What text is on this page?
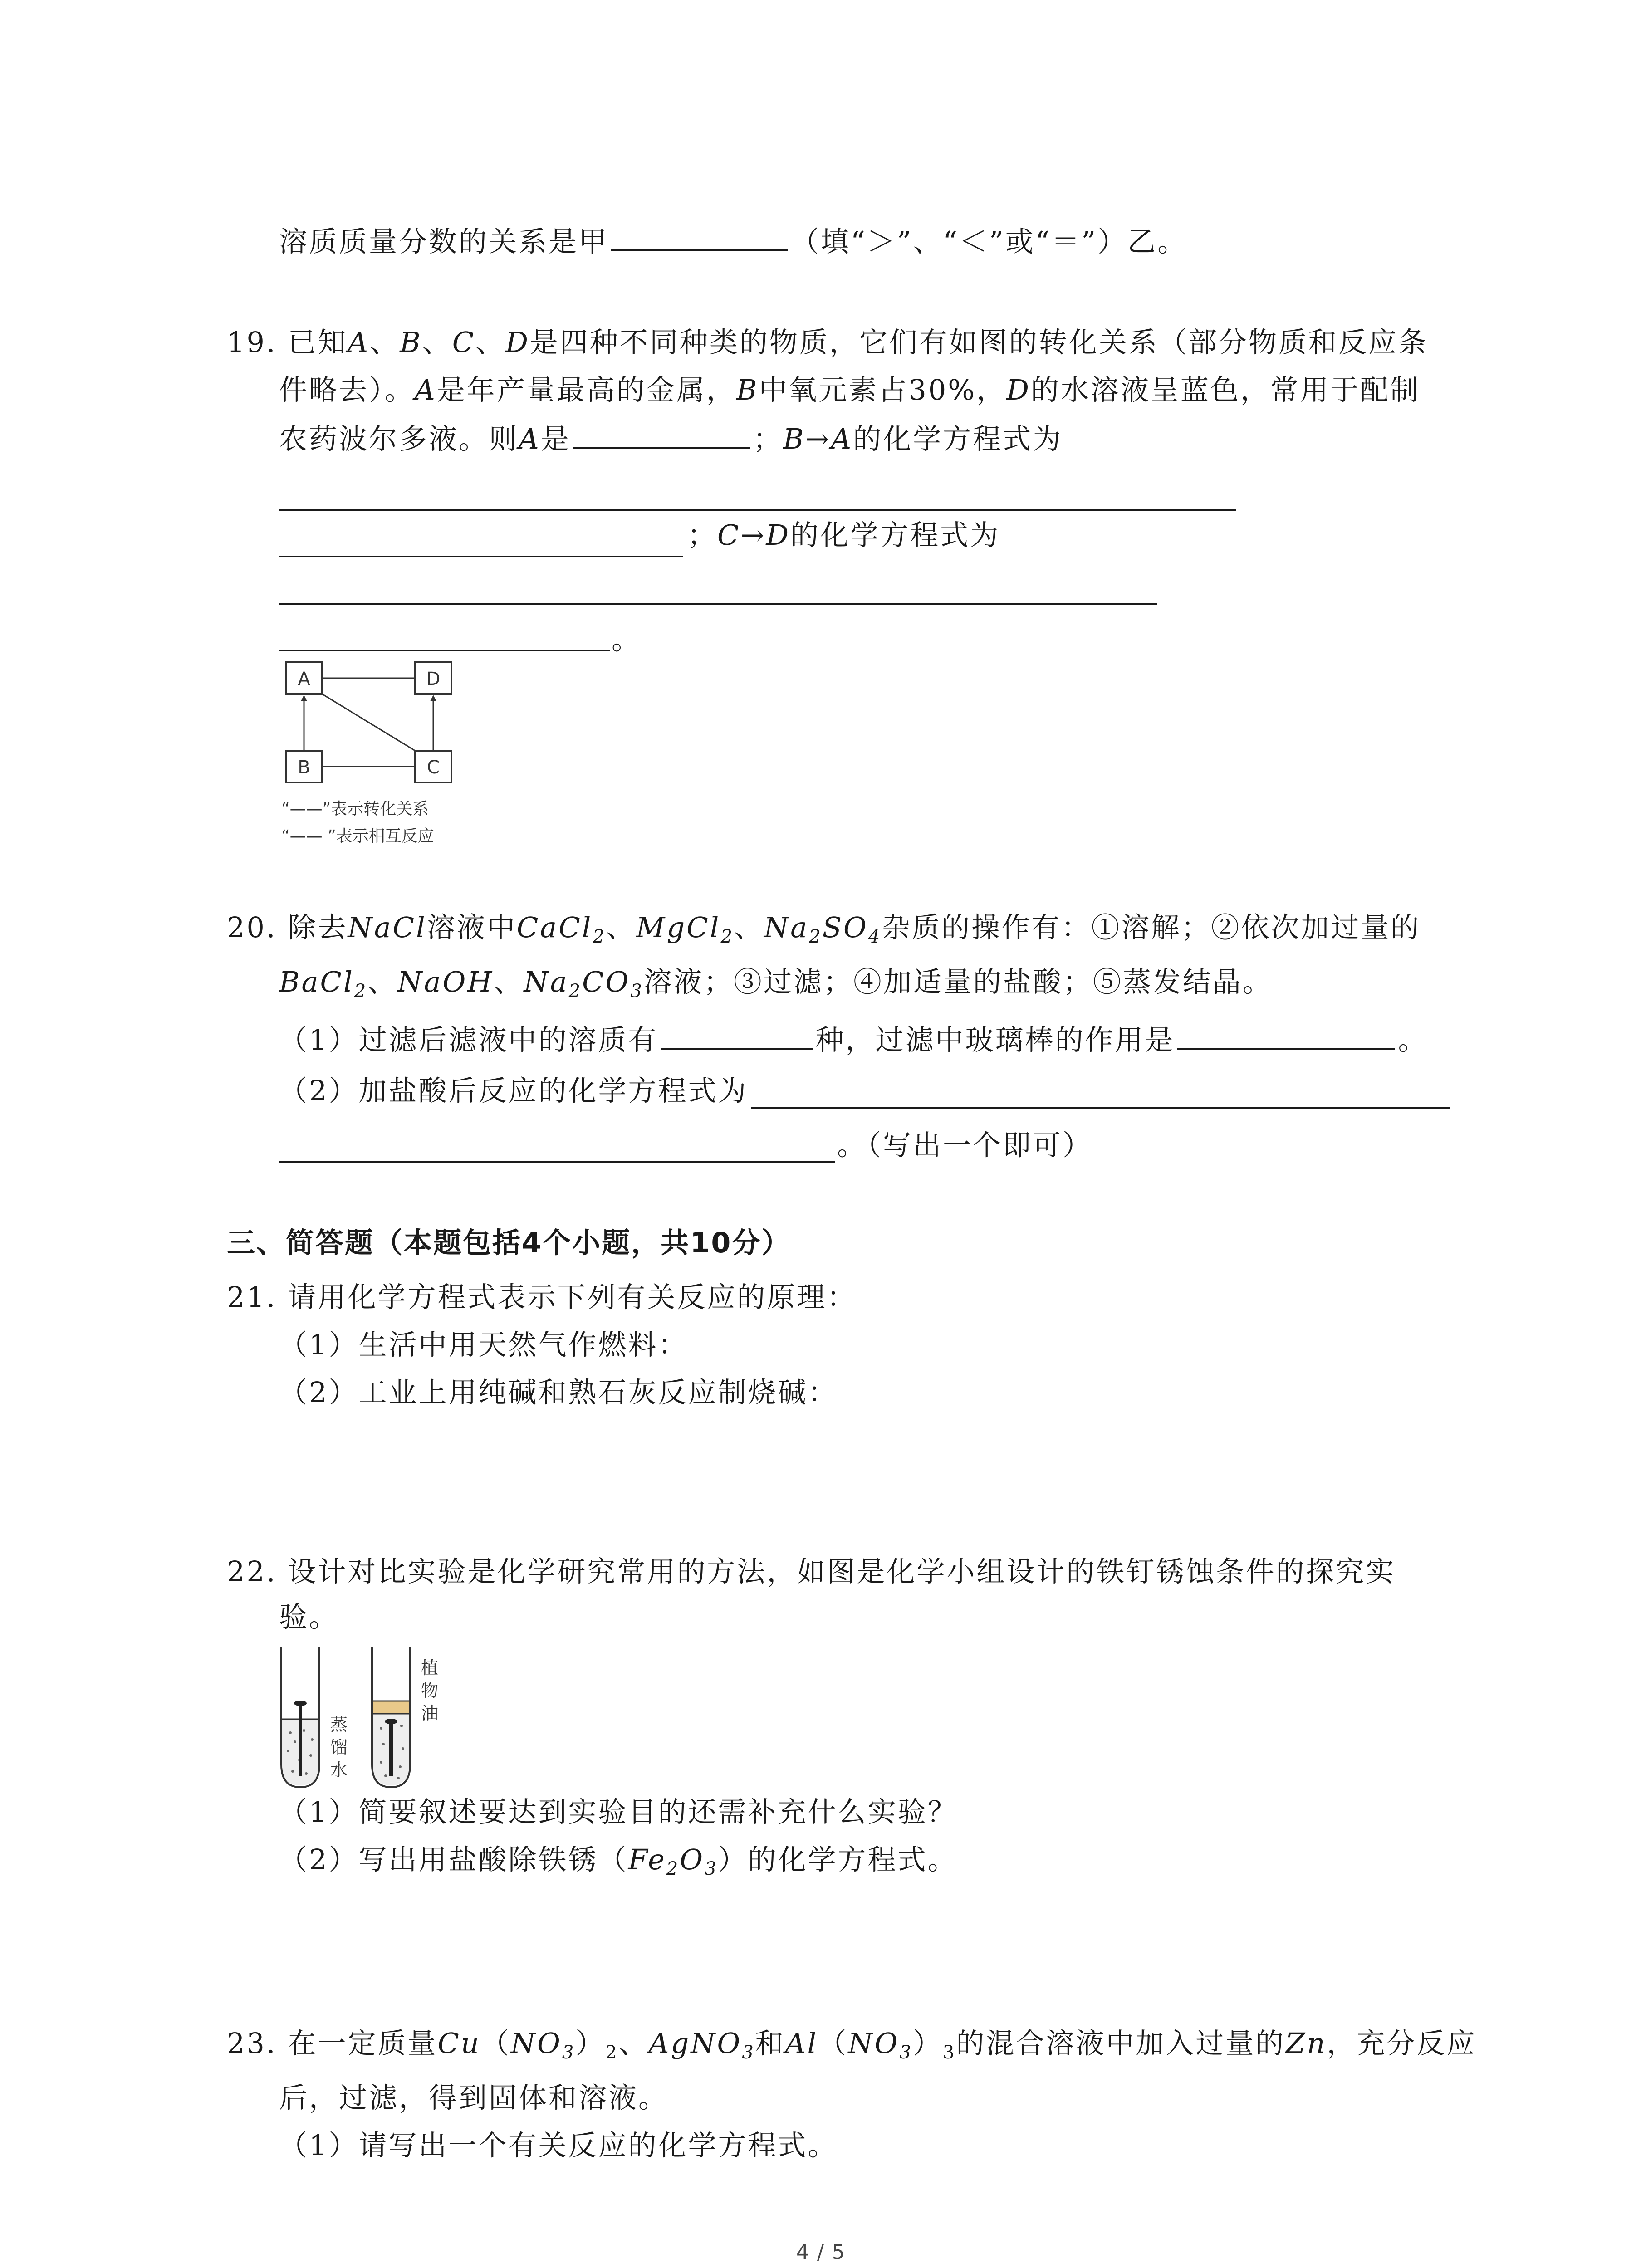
溶质质量分数的关系是甲	（填“＞”、“＜”或“＝”）乙。
19. 已知A、B、C、D是四种不同种类的物质，它们有如图的转化关系（部分物质和反应条
件略去）。A是年产量最高的金属，B中氧元素占30%，D的水溶液呈蓝色，常用于配制
农药波尔多液。则A是	；B→A的化学方程式为
；C→D的化学方程式为
。
A	D
B	C
“——”表示转化关系
“—— ”表示相互反应
20. 除去NaCl溶液中CaCl$_2$、MgCl$_2$、$Na_2SO_4$杂质的操作有：①溶解；②依次加过量的
BaCl$_2$、NaOH、$Na_2CO_3$溶液；③过滤；④加适量的盐酸；⑤蒸发结晶。
（1）过滤后滤液中的溶质有	种，过滤中玻璃棒的作用是	。
（2）加盐酸后反应的化学方程式为
。（写出一个即可）
三、简答题（本题包括4个小题，共10分）
21. 请用化学方程式表示下列有关反应的原理：
（1）生活中用天然气作燃料：
（2）工业上用纯碱和熟石灰反应制烧碱：
22. 设计对比实验是化学研究常用的方法，如图是化学小组设计的铁钉锈蚀条件的探究实
验。
蒸
馏
水
植
物
油
（1）简要叙述要达到实验目的还需补充什么实验？
（2）写出用盐酸除铁锈$(Fe_2O_3)$的化学方程式。
23. 在一定质量$Cu(NO_3)_2$、AgNO$_3$和$Al(NO_3)_3$的混合溶液中加入过量的Zn，充分反应
后，过滤，得到固体和溶液。
（1）请写出一个有关反应的化学方程式。
4 / 5
